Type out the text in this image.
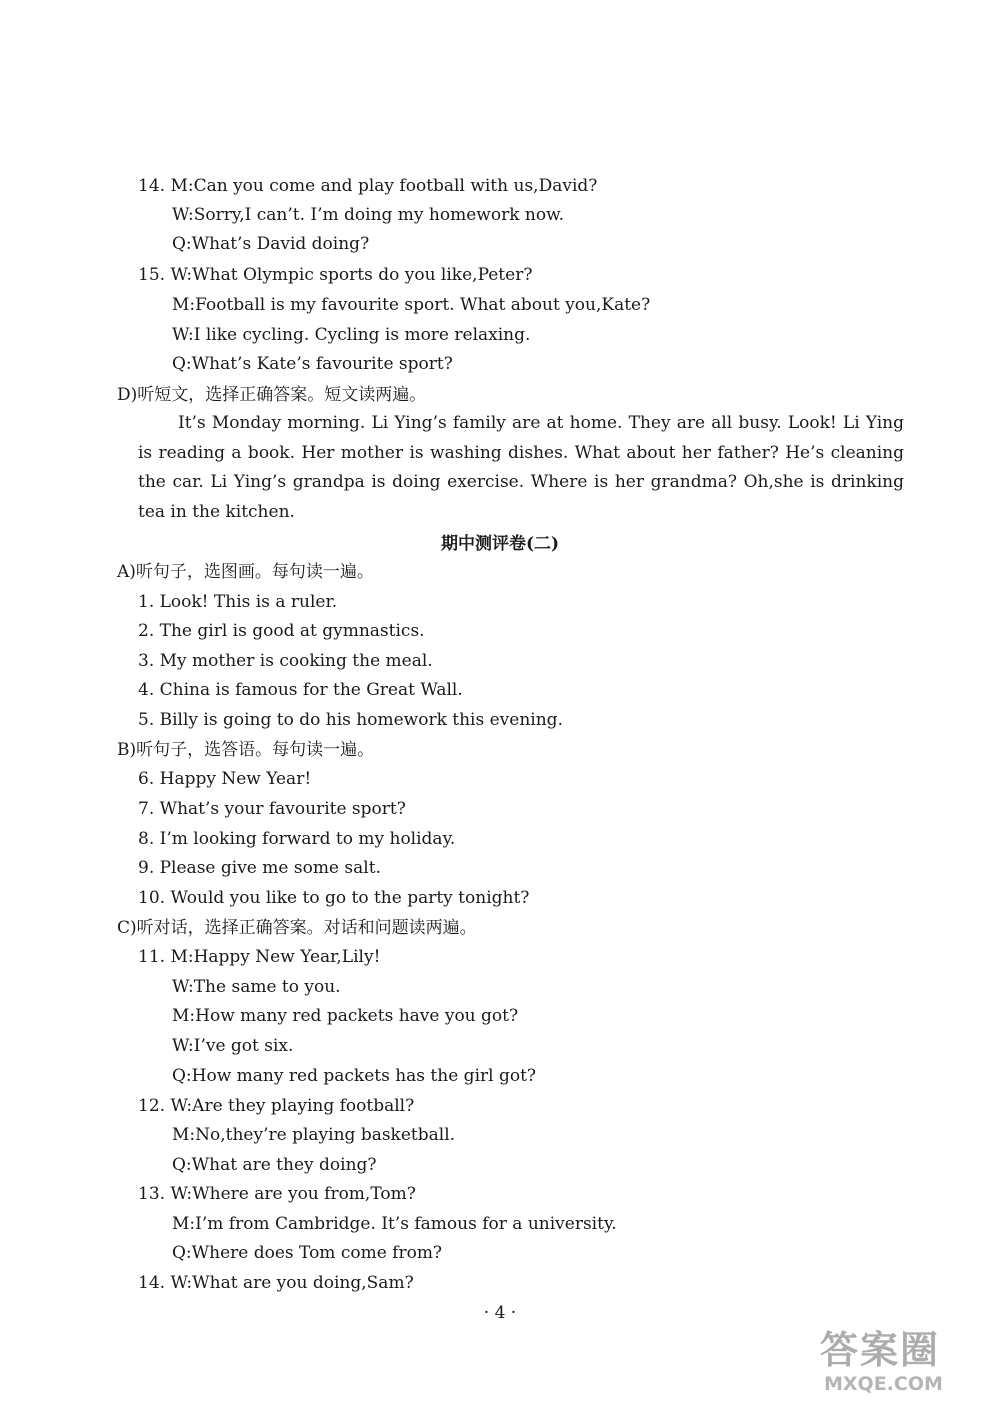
14. M:Can you come and play football with us,David?
W:Sorry,I can’t. I’m doing my homework now.
Q:What’s David doing?
15. W:What Olympic sports do you like,Peter?
M:Football is my favourite sport. What about you,Kate?
W:I like cycling. Cycling is more relaxing.
Q:What’s Kate’s favourite sport?
D)听短文，选择正确答案。短文读两遍。
It’s Monday morning. Li Ying’s family are at home. They are all busy. Look! Li Ying is reading a book. Her mother is washing dishes. What about her father? He’s cleaning the car. Li Ying’s grandpa is doing exercise. Where is her grandma? Oh,she is drinking tea in the kitchen.
期中测评卷(二)
A)听句子，选图画。每句读一遍。
1. Look! This is a ruler.
2. The girl is good at gymnastics.
3. My mother is cooking the meal.
4. China is famous for the Great Wall.
5. Billy is going to do his homework this evening.
B)听句子，选答语。每句读一遍。
6. Happy New Year!
7. What’s your favourite sport?
8. I’m looking forward to my holiday.
9. Please give me some salt.
10. Would you like to go to the party tonight?
C)听对话，选择正确答案。对话和问题读两遍。
11. M:Happy New Year,Lily!
W:The same to you.
M:How many red packets have you got?
W:I’ve got six.
Q:How many red packets has the girl got?
12. W:Are they playing football?
M:No,they’re playing basketball.
Q:What are they doing?
13. W:Where are you from,Tom?
M:I’m from Cambridge. It’s famous for a university.
Q:Where does Tom come from?
14. W:What are you doing,Sam?
· 4 ·
答案圈
MXQE.COM
